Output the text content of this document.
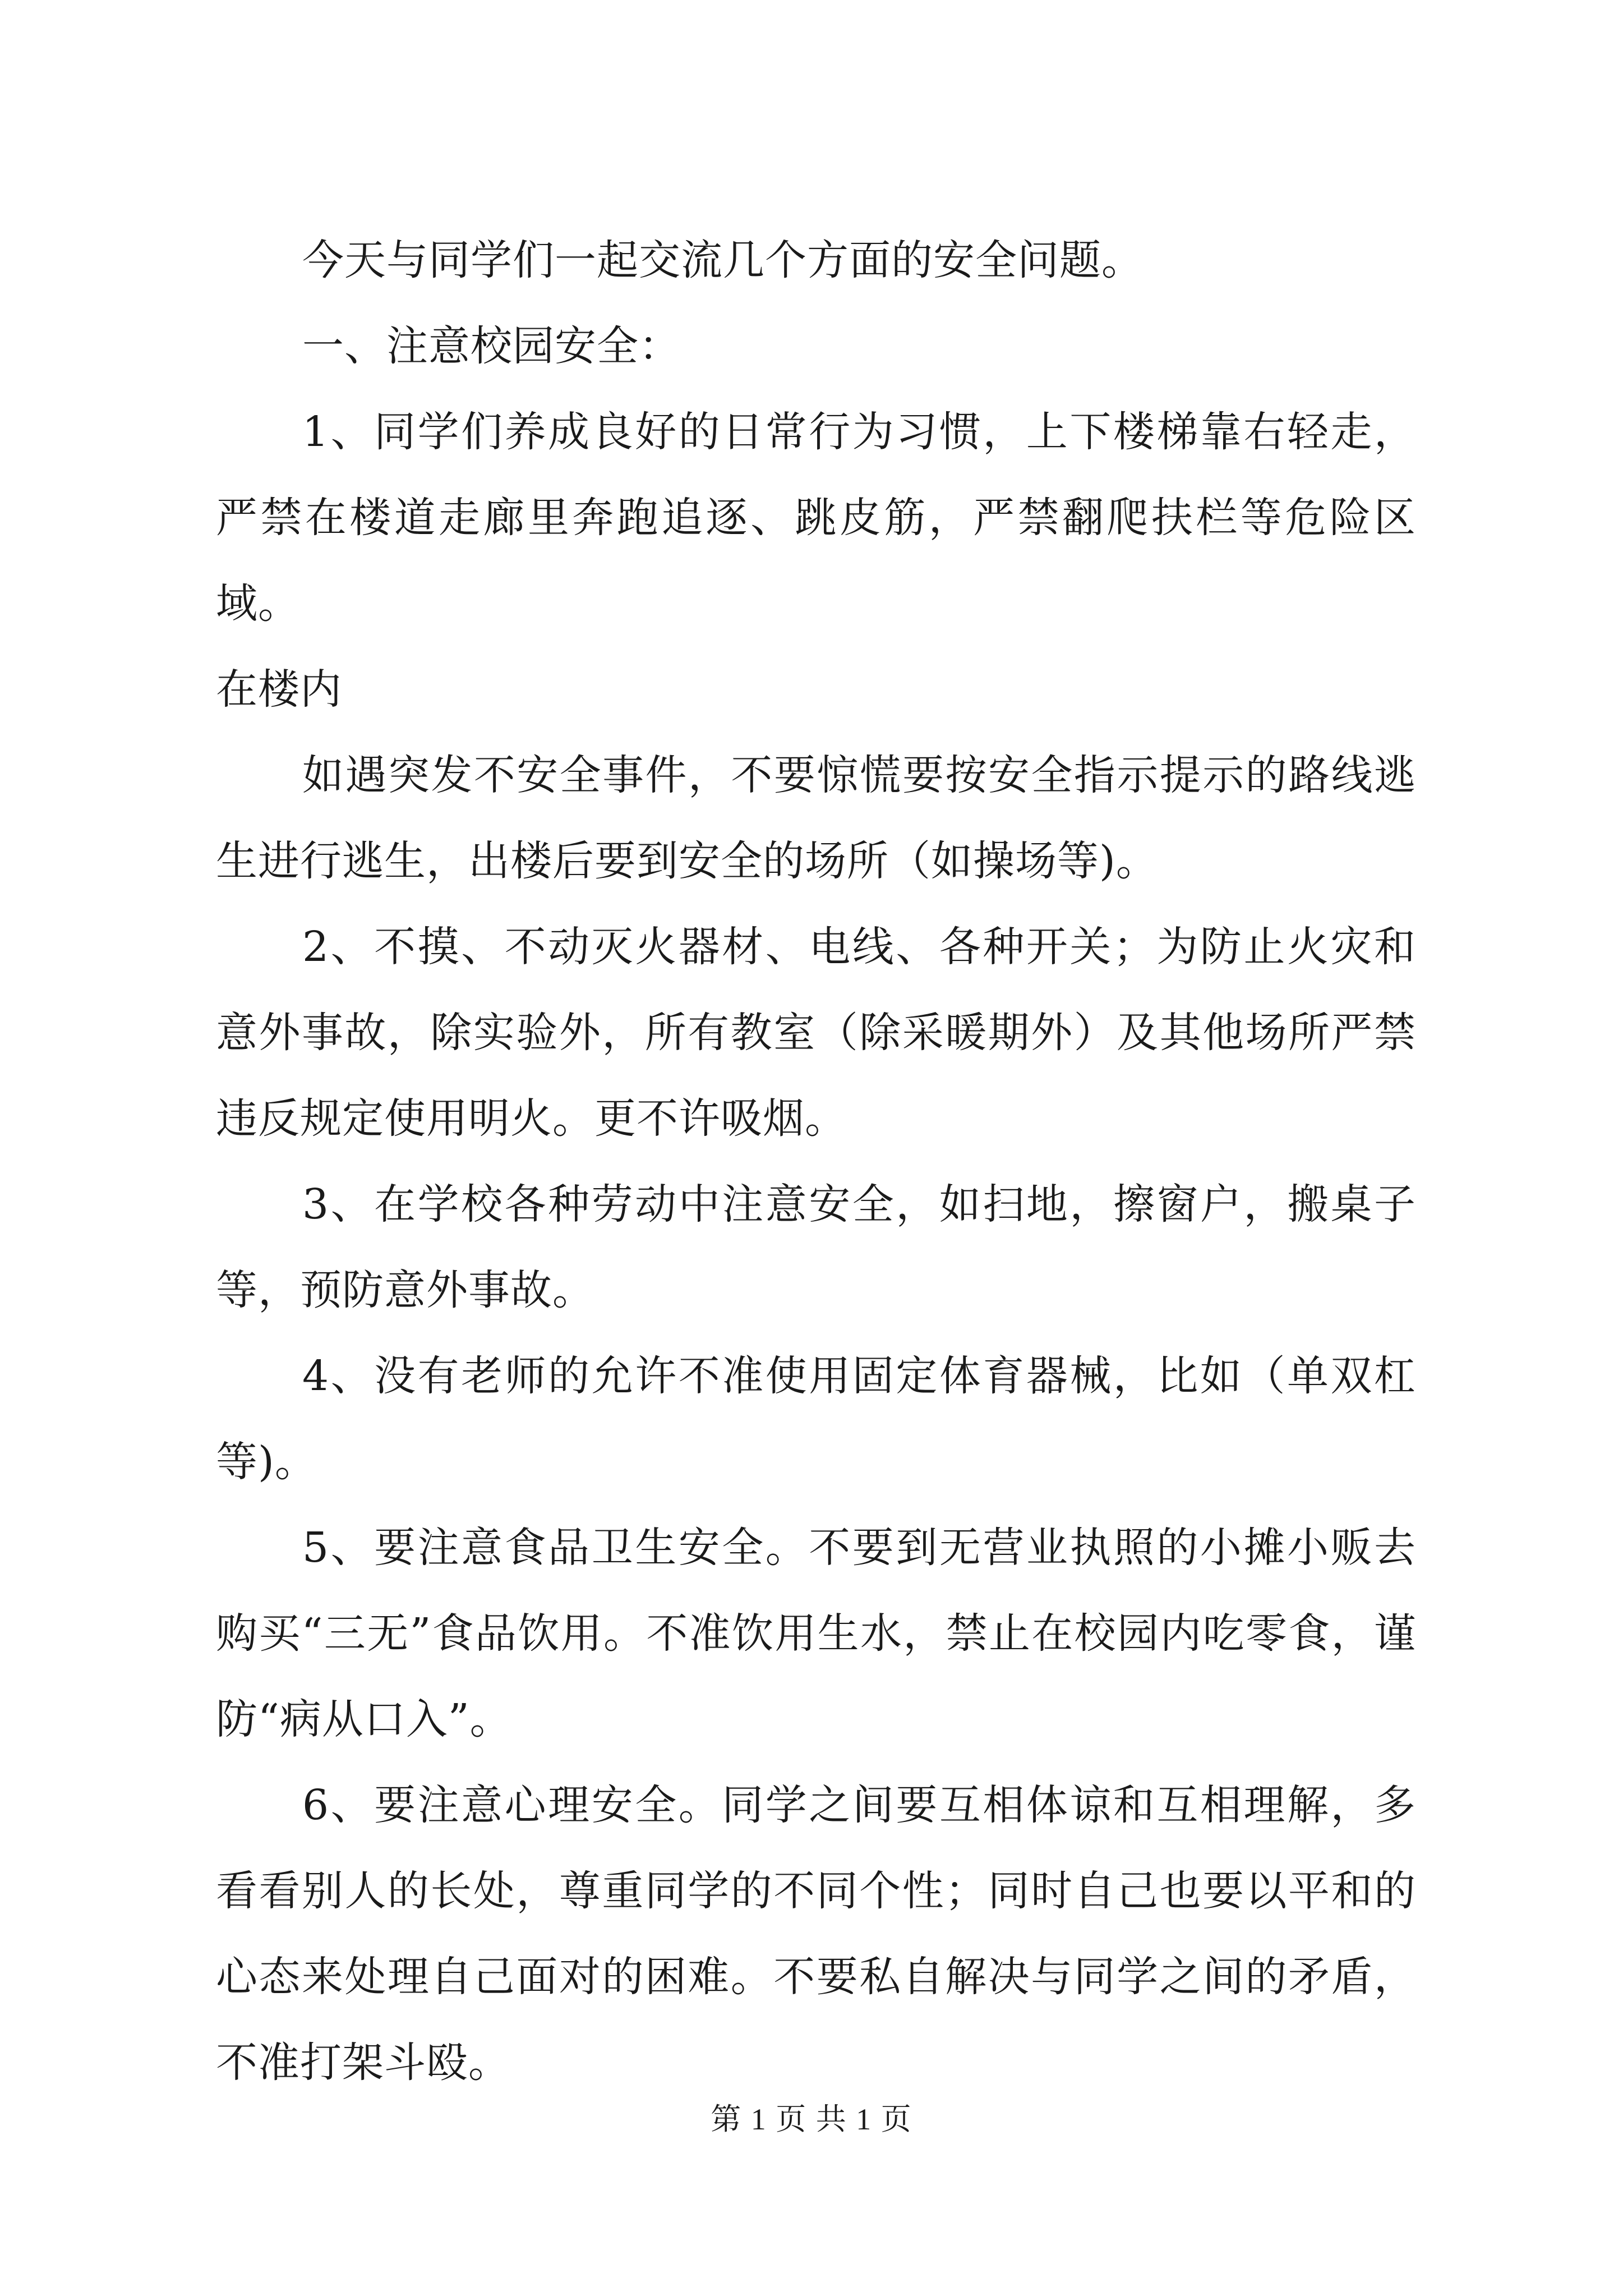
今天与同学们一起交流几个方面的安全问题。

一、注意校园安全：

1、同学们养成良好的日常行为习惯，上下楼梯靠右轻走，严禁在楼道走廊里奔跑追逐、跳皮筋，严禁翻爬扶栏等危险区域。

在楼内

如遇突发不安全事件，不要惊慌要按安全指示提示的路线逃生进行逃生，出楼后要到安全的场所（如操场等)。

2、不摸、不动灭火器材、电线、各种开关；为防止火灾和意外事故，除实验外，所有教室（除采暖期外）及其他场所严禁违反规定使用明火。更不许吸烟。

3、在学校各种劳动中注意安全，如扫地，擦窗户，搬桌子等，预防意外事故。

4、没有老师的允许不准使用固定体育器械，比如（单双杠等)。

5、要注意食品卫生安全。不要到无营业执照的小摊小贩去购买“三无”食品饮用。不准饮用生水，禁止在校园内吃零食，谨防“病从口入”。

6、要注意心理安全。同学之间要互相体谅和互相理解，多看看别人的长处，尊重同学的不同个性；同时自己也要以平和的心态来处理自己面对的困难。不要私自解决与同学之间的矛盾，不准打架斗殴。

第 1 页 共 1 页
